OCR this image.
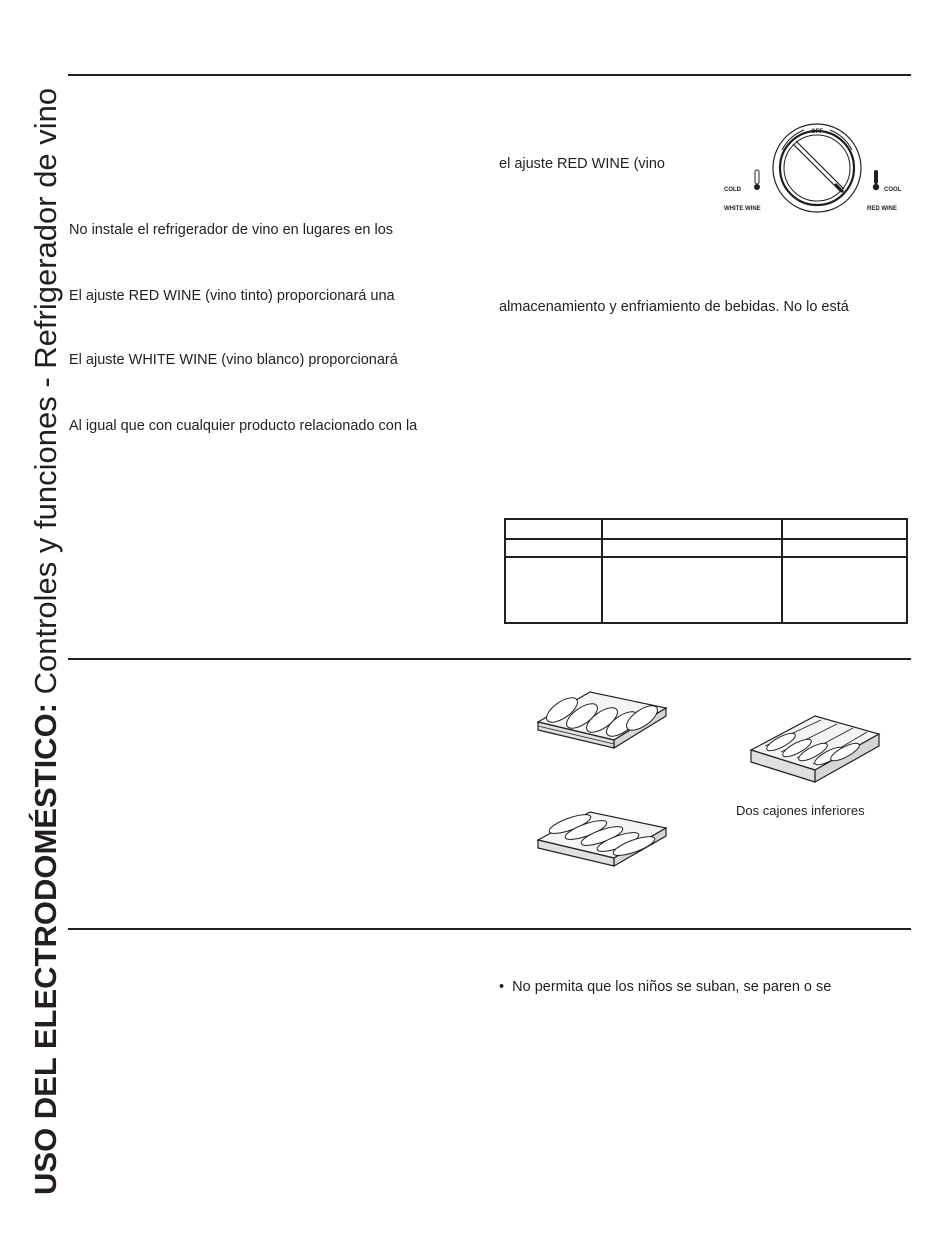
USO DEL ELECTRODOMÉSTICO: Controles y funciones - Refrigerador de vino No instale el refrigerador de vino en lugares en los
El ajuste RED WINE (vino tinto) proporcionará una
El ajuste WHITE WINE (vino blanco) proporcionará
Al igual que con cualquier producto relacionado con la
el ajuste RED WINE (vino
almacenamiento y enfriamiento de bebidas. No lo está
OFF
COLD	COOL
WHITE WINE	RED WINE

Dos cajones inferiores
• No permita que los niños se suban, se paren o se
